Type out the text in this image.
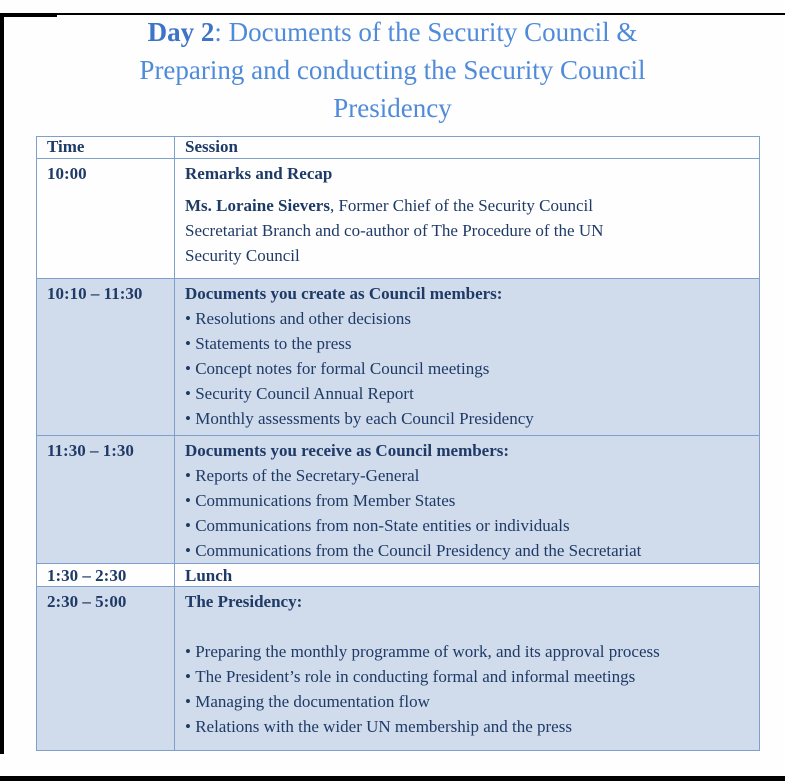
Day 2: Documents of the Security Council &
Preparing and conducting the Security Council
Presidency
Time	Session
10:00	Remarks and Recap

Ms. Loraine Sievers, Former Chief of the Security Council Secretariat Branch and co-author of The Procedure of the UN Security Council

10:10 – 11:30	Documents you create as Council members:
• Resolutions and other decisions
• Statements to the press
• Concept notes for formal Council meetings
• Security Council Annual Report
• Monthly assessments by each Council Presidency

11:30 – 1:30	Documents you receive as Council members:
• Reports of the Secretary-General
• Communications from Member States
• Communications from non-State entities or individuals
• Communications from the Council Presidency and the Secretariat

1:30 – 2:30	Lunch

2:30 – 5:00	The Presidency:
• Preparing the monthly programme of work, and its approval process
• The President’s role in conducting formal and informal meetings
• Managing the documentation flow
• Relations with the wider UN membership and the press
